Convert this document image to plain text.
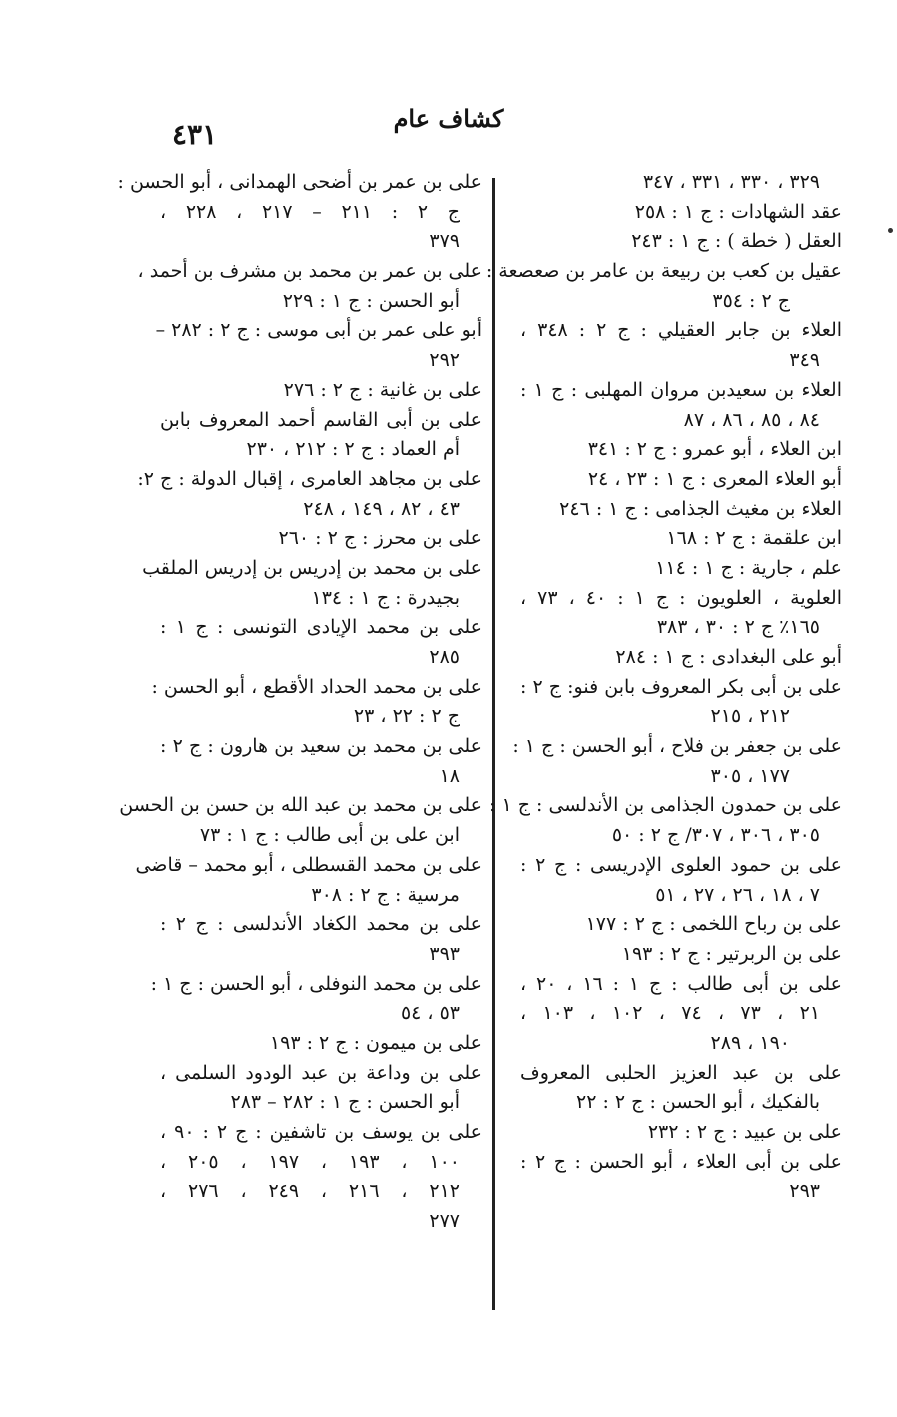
كشاف عام
٤٣١
٣٢٩ ، ٣٣٠ ، ٣٣١ ، ٣٤٧
عقد الشهادات : ج ١ : ٢٥٨
العقل ( خطة ) : ج ١ : ٢٤٣
عقيل بن كعب بن ربيعة بن عامر بن صعصعة :
ج ٢ : ٣٥٤
العلاء بن جابر العقيلي : ج ٢ : ٣٤٨ ،
٣٤٩
العلاء بن سعيدبن مروان المهلبى : ج ١ :
٨٤ ، ٨٥ ، ٨٦ ، ٨٧
ابن العلاء ، أبو عمرو : ج ٢ : ٣٤١
أبو العلاء المعرى : ج ١ : ٢٣ ، ٢٤
العلاء بن مغيث الجذامى : ج ١ : ٢٤٦
ابن علقمة : ج ٢ : ١٦٨
علم ، جارية : ج ١ : ١١٤
العلوية ، العلويون : ج ١ : ٤٠ ، ٧٣ ،
١٦٥٪ ج ٢ : ٣٠ ، ٣٨٣
أبو على البغدادى : ج ١ : ٢٨٤
على بن أبى بكر المعروف بابن فنو: ج ٢ :
٢١٢ ، ٢١٥
على بن جعفر بن فلاح ، أبو الحسن : ج ١ :
١٧٧ ، ٣٠٥
على بن حمدون الجذامى بن الأندلسى : ج ١ :
٣٠٥ ، ٣٠٦ ، ٣٠٧/ ج ٢ : ٥٠
على بن حمود العلوى الإدريسى : ج ٢ :
٧ ، ١٨ ، ٢٦ ، ٢٧ ، ٥١
على بن رباح اللخمى : ج ٢ : ١٧٧
على بن الربرتير : ج ٢ : ١٩٣
على بن أبى طالب : ج ١ : ١٦ ، ٢٠ ،
٢١ ، ٧٣ ، ٧٤ ، ١٠٢ ، ١٠٣ ،
١٩٠ ، ٢٨٩
على بن عبد العزيز الحلبى المعروف
بالفكيك ، أبو الحسن : ج ٢ : ٢٢
على بن عبيد : ج ٢ : ٢٣٢
على بن أبى العلاء ، أبو الحسن : ج ٢ :
٢٩٣
على بن عمر بن أضحى الهمدانى ، أبو الحسن :
ج ٢ : ٢١١ – ٢١٧ ، ٢٢٨ ،
٣٧٩
على بن عمر بن محمد بن مشرف بن أحمد ،
أبو الحسن : ج ١ : ٢٢٩
أبو على عمر بن أبى موسى : ج ٢ : ٢٨٢ –
٢٩٢
على بن غانية : ج ٢ : ٢٧٦
على بن أبى القاسم أحمد المعروف بابن
أم العماد : ج ٢ : ٢١٢ ، ٢٣٠
على بن مجاهد العامرى ، إقبال الدولة : ج ٢:
٤٣ ، ٨٢ ، ١٤٩ ، ٢٤٨
على بن محرز : ج ٢ : ٢٦٠
على بن محمد بن إدريس بن إدريس الملقب
بجيدرة : ج ١ : ١٣٤
على بن محمد الإيادى التونسى : ج ١ :
٢٨٥
على بن محمد الحداد الأقطع ، أبو الحسن :
ج ٢ : ٢٢ ، ٢٣
على بن محمد بن سعيد بن هارون : ج ٢ :
١٨
على بن محمد بن عبد الله بن حسن بن الحسن
ابن على بن أبى طالب : ج ١ : ٧٣
على بن محمد القسطلى ، أبو محمد – قاضى
مرسية : ج ٢ : ٣٠٨
على بن محمد الكغاد الأندلسى : ج ٢ :
٣٩٣
على بن محمد النوفلى ، أبو الحسن : ج ١ :
٥٣ ، ٥٤
على بن ميمون : ج ٢ : ١٩٣
على بن وداعة بن عبد الودود السلمى ،
أبو الحسن : ج ١ : ٢٨٢ – ٢٨٣
على بن يوسف بن تاشفين : ج ٢ : ٩٠ ،
١٠٠ ، ١٩٣ ، ١٩٧ ، ٢٠٥ ،
٢١٢ ، ٢١٦ ، ٢٤٩ ، ٢٧٦ ،
٢٧٧
